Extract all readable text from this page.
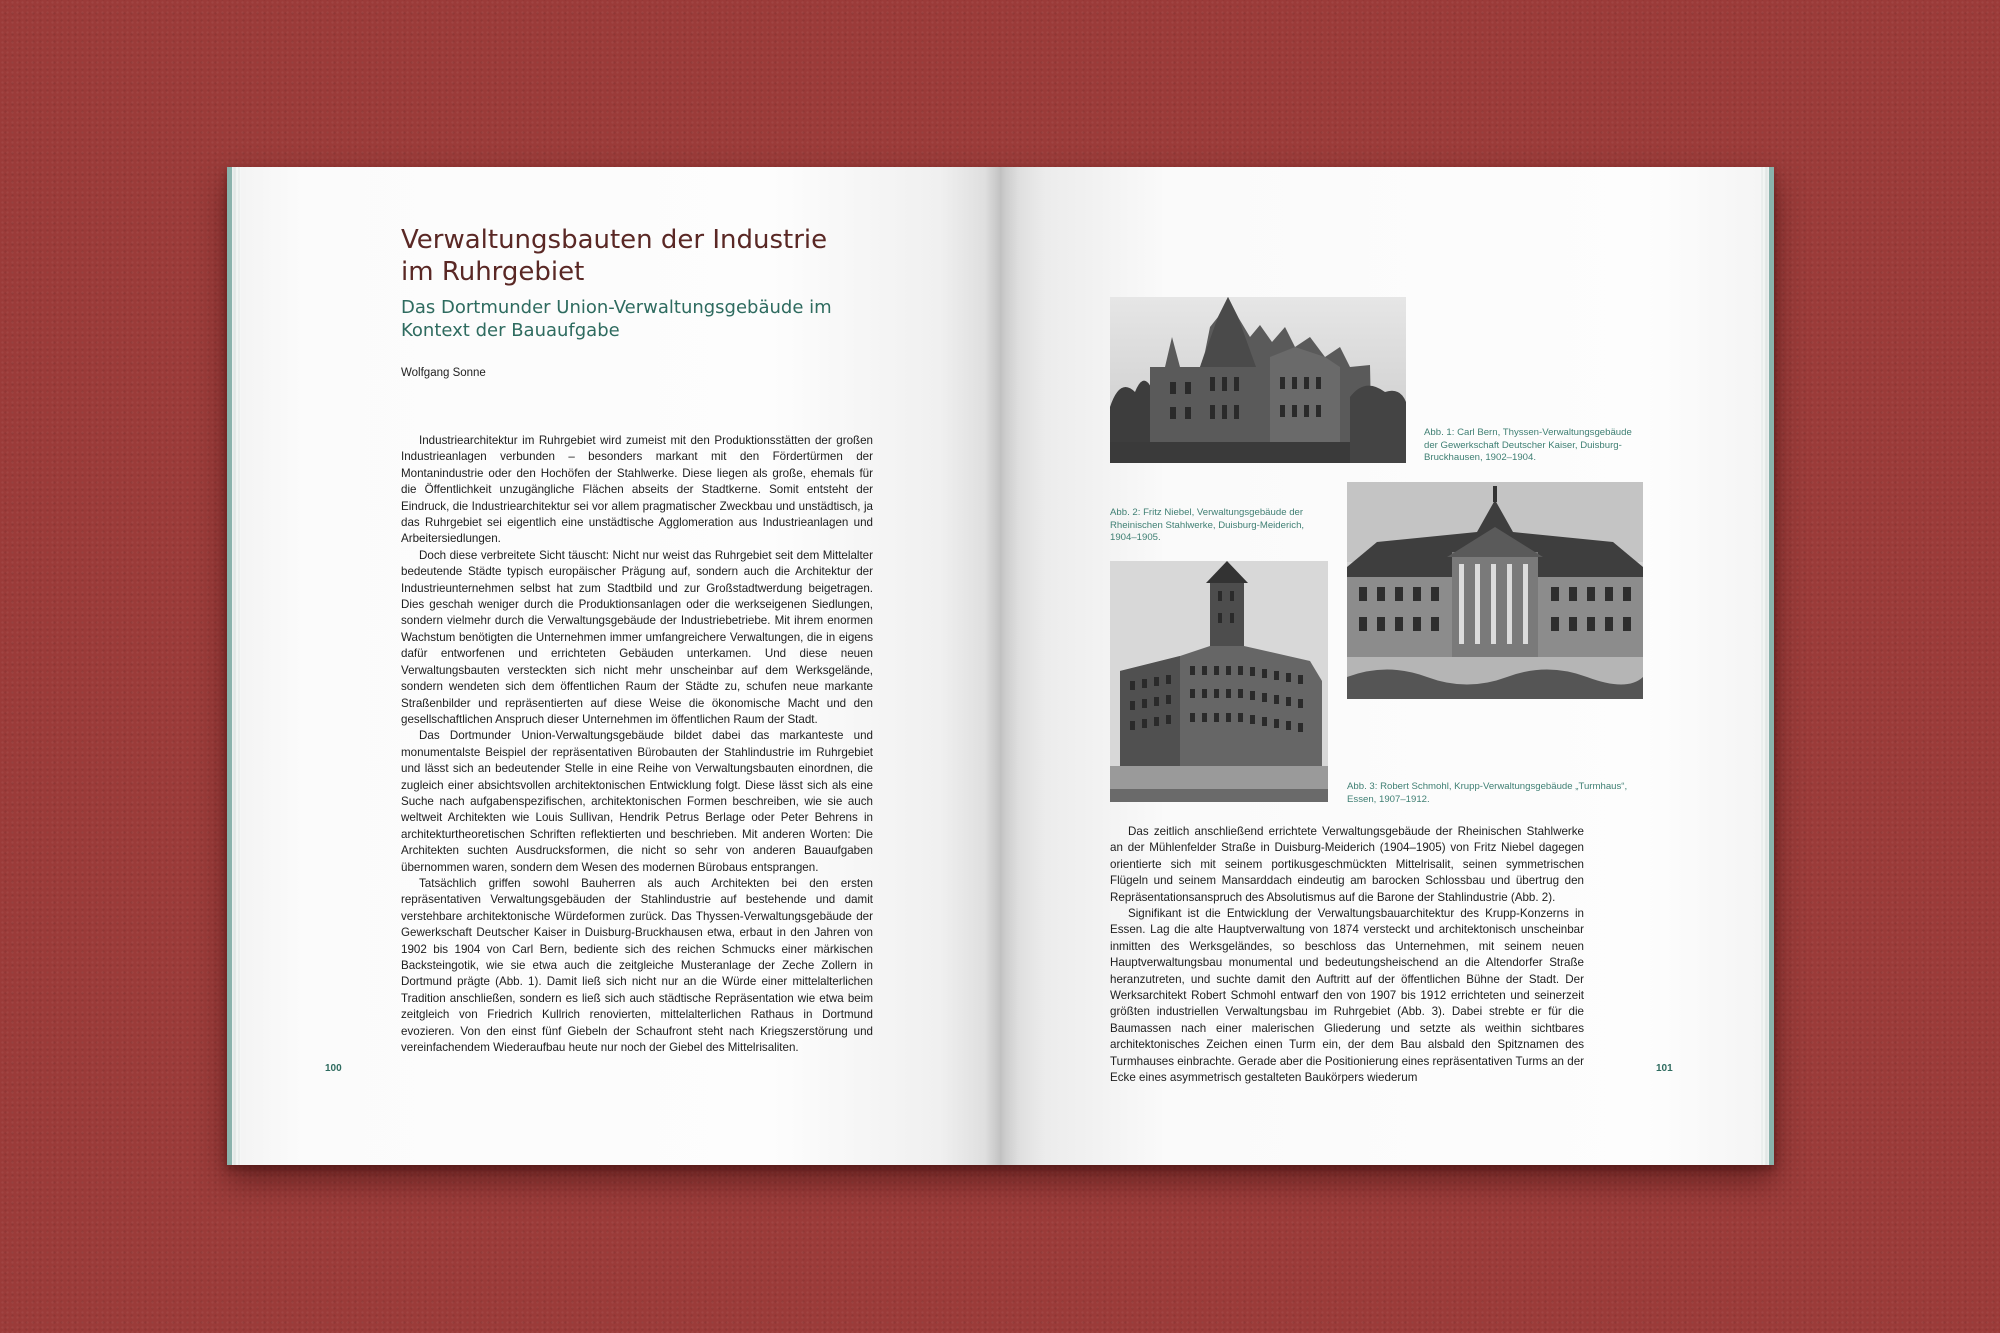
Verwaltungsbauten der Industrie
im Ruhrgebiet
Das Dortmunder Union-Verwaltungsgebäude im
Kontext der Bauaufgabe
Wolfgang Sonne

Industriearchitektur im Ruhrgebiet wird zumeist mit den Produktionsstätten der großen Industrieanlagen verbunden – besonders markant mit den Fördertürmen der Montanindustrie oder den Hochöfen der Stahlwerke. Diese liegen als große, ehemals für die Öffentlichkeit unzugängliche Flächen abseits der Stadtkerne. Somit entsteht der Eindruck, die Industriearchitektur sei vor allem pragmatischer Zweckbau und unstädtisch, ja das Ruhrgebiet sei eigentlich eine unstädtische Agglomeration aus Industrieanlagen und Arbeitersiedlungen.

Doch diese verbreitete Sicht täuscht: Nicht nur weist das Ruhrgebiet seit dem Mittelalter bedeutende Städte typisch europäischer Prägung auf, sondern auch die Architektur der Industrieunternehmen selbst hat zum Stadtbild und zur Großstadtwerdung beigetragen. Dies geschah weniger durch die Produktionsanlagen oder die werkseigenen Siedlungen, sondern vielmehr durch die Verwaltungsgebäude der Industriebetriebe. Mit ihrem enormen Wachstum benötigten die Unternehmen immer umfangreichere Verwaltungen, die in eigens dafür entworfenen und errichteten Gebäuden unterkamen. Und diese neuen Verwaltungsbauten versteckten sich nicht mehr unscheinbar auf dem Werksgelände, sondern wendeten sich dem öffentlichen Raum der Städte zu, schufen neue markante Straßenbilder und repräsentierten auf diese Weise die ökonomische Macht und den gesellschaftlichen Anspruch dieser Unternehmen im öffentlichen Raum der Stadt.

Das Dortmunder Union-Verwaltungsgebäude bildet dabei das markanteste und monumentalste Beispiel der repräsentativen Bürobauten der Stahlindustrie im Ruhrgebiet und lässt sich an bedeutender Stelle in eine Reihe von Verwaltungsbauten einordnen, die zugleich einer absichtsvollen architektonischen Entwicklung folgt. Diese lässt sich als eine Suche nach aufgabenspezifischen, architektonischen Formen beschreiben, wie sie auch weltweit Architekten wie Louis Sullivan, Hendrik Petrus Berlage oder Peter Behrens in architekturtheoretischen Schriften reflektierten und beschrieben. Mit anderen Worten: Die Architekten suchten Ausdrucksformen, die nicht so sehr von anderen Bauaufgaben übernommen waren, sondern dem Wesen des modernen Bürobaus entsprangen.

Tatsächlich griffen sowohl Bauherren als auch Architekten bei den ersten repräsentativen Verwaltungsgebäuden der Stahlindustrie auf bestehende und damit verstehbare architektonische Würdeformen zurück. Das Thyssen-Verwaltungsgebäude der Gewerkschaft Deutscher Kaiser in Duisburg-Bruckhausen etwa, erbaut in den Jahren von 1902 bis 1904 von Carl Bern, bediente sich des reichen Schmucks einer märkischen Backsteingotik, wie sie etwa auch die zeitgleiche Musteranlage der Zeche Zollern in Dortmund prägte (Abb. 1). Damit ließ sich nicht nur an die Würde einer mittelalterlichen Tradition anschließen, sondern es ließ sich auch städtische Repräsentation wie etwa beim zeitgleich von Friedrich Kullrich renovierten, mittelalterlichen Rathaus in Dortmund evozieren. Von den einst fünf Giebeln der Schaufront steht nach Kriegszerstörung und vereinfachendem Wiederaufbau heute nur noch der Giebel des Mittelrisaliten.

100
Abb. 1: Carl Bern, Thyssen-Verwaltungsgebäude der Gewerkschaft Deutscher Kaiser, Duisburg-Bruckhausen, 1902–1904.
Abb. 2: Fritz Niebel, Verwaltungsgebäude der Rheinischen Stahlwerke, Duisburg-Meiderich, 1904–1905.
Abb. 3: Robert Schmohl, Krupp-Verwaltungsgebäude „Turmhaus“, Essen, 1907–1912.

Das zeitlich anschließend errichtete Verwaltungsgebäude der Rheinischen Stahlwerke an der Mühlenfelder Straße in Duisburg-Meiderich (1904–1905) von Fritz Niebel dagegen orientierte sich mit seinem portikusgeschmückten Mittelrisalit, seinen symmetrischen Flügeln und seinem Mansarddach eindeutig am barocken Schlossbau und übertrug den Repräsentationsanspruch des Absolutismus auf die Barone der Stahlindustrie (Abb. 2).

Signifikant ist die Entwicklung der Verwaltungsbauarchitektur des Krupp-Konzerns in Essen. Lag die alte Hauptverwaltung von 1874 versteckt und architektonisch unscheinbar inmitten des Werksgeländes, so beschloss das Unternehmen, mit seinem neuen Hauptverwaltungsbau monumental und bedeutungsheischend an die Altendorfer Straße heranzutreten, und suchte damit den Auftritt auf der öffentlichen Bühne der Stadt. Der Werksarchitekt Robert Schmohl entwarf den von 1907 bis 1912 errichteten und seinerzeit größten industriellen Verwaltungsbau im Ruhrgebiet (Abb. 3). Dabei strebte er für die Baumassen nach einer malerischen Gliederung und setzte als weithin sichtbares architektonisches Zeichen einen Turm ein, der dem Bau alsbald den Spitznamen des Turmhauses einbrachte. Gerade aber die Positionierung eines repräsentativen Turms an der Ecke eines asymmetrisch gestalteten Baukörpers wiederum

101
